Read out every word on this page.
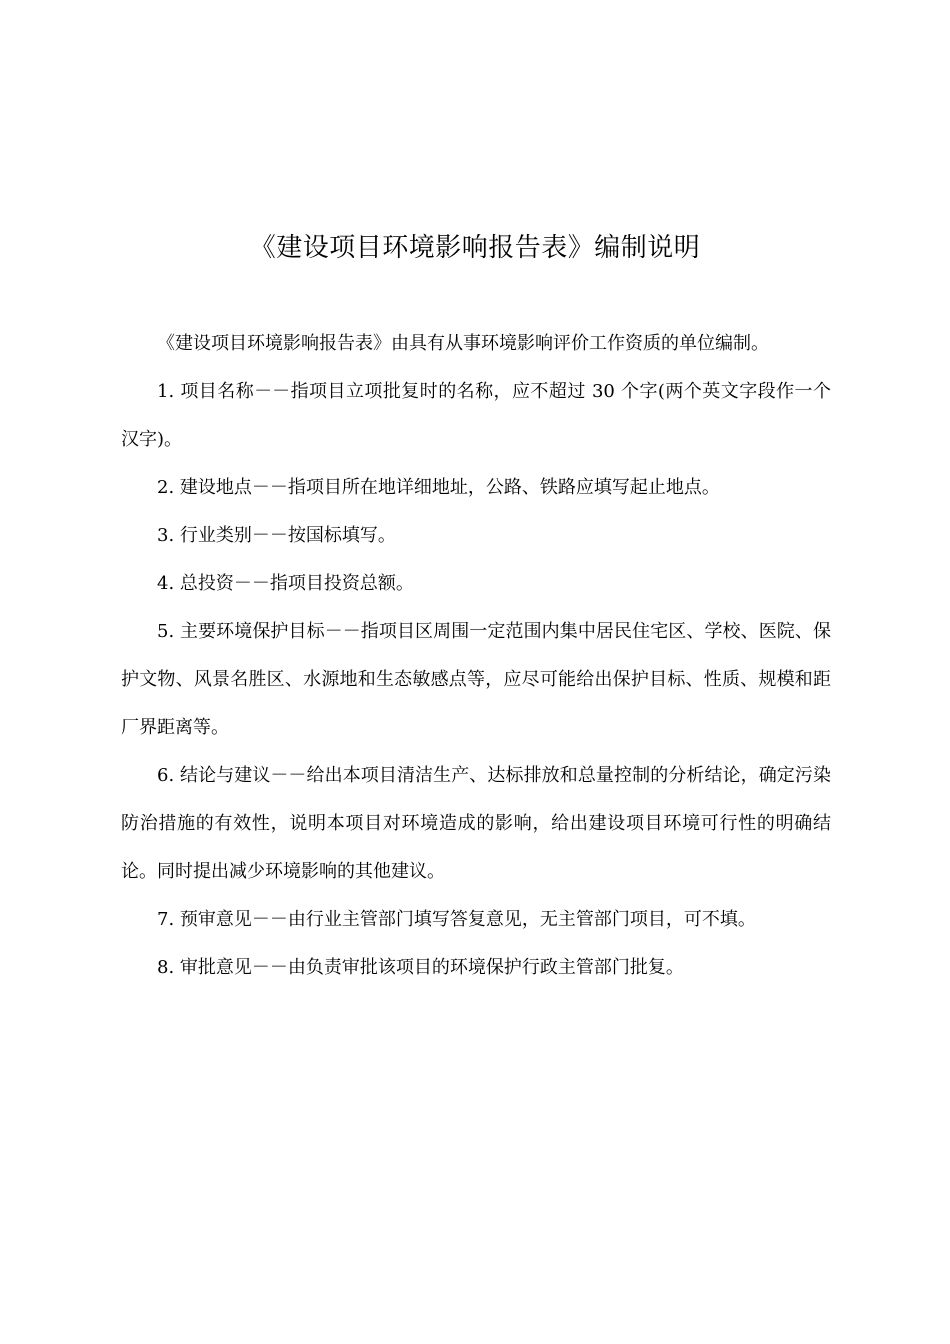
《建设项目环境影响报告表》编制说明

《建设项目环境影响报告表》由具有从事环境影响评价工作资质的单位编制。

1. 项目名称－－指项目立项批复时的名称，应不超过 30 个字(两个英文字段作一个汉字)。

2. 建设地点－－指项目所在地详细地址，公路、铁路应填写起止地点。

3. 行业类别－－按国标填写。

4. 总投资－－指项目投资总额。

5. 主要环境保护目标－－指项目区周围一定范围内集中居民住宅区、学校、医院、保护文物、风景名胜区、水源地和生态敏感点等，应尽可能给出保护目标、性质、规模和距厂界距离等。

6. 结论与建议－－给出本项目清洁生产、达标排放和总量控制的分析结论，确定污染防治措施的有效性，说明本项目对环境造成的影响，给出建设项目环境可行性的明确结论。同时提出减少环境影响的其他建议。

7. 预审意见－－由行业主管部门填写答复意见，无主管部门项目，可不填。

8. 审批意见－－由负责审批该项目的环境保护行政主管部门批复。
